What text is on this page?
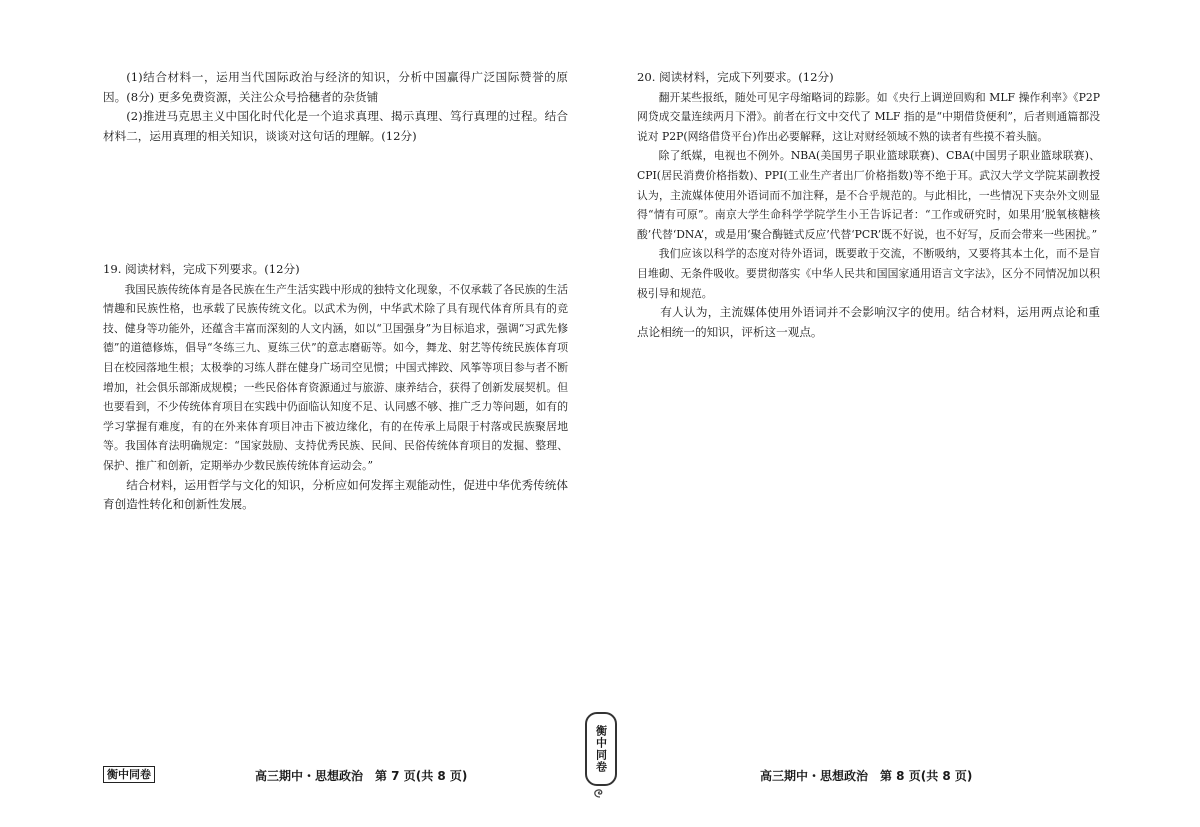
(1)结合材料一，运用当代国际政治与经济的知识，分析中国赢得广泛国际赞誉的原因。(8分) 更多免费资源，关注公众号拾穗者的杂货铺

(2)推进马克思主义中国化时代化是一个追求真理、揭示真理、笃行真理的过程。结合材料二，运用真理的相关知识，谈谈对这句话的理解。(12分)

19. 阅读材料，完成下列要求。(12分)

我国民族传统体育是各民族在生产生活实践中形成的独特文化现象，不仅承载了各民族的生活情趣和民族性格，也承载了民族传统文化。以武术为例，中华武术除了具有现代体育所具有的竞技、健身等功能外，还蕴含丰富而深刻的人文内涵，如以“卫国强身”为目标追求，强调“习武先修德”的道德修炼，倡导“冬练三九、夏练三伏”的意志磨砺等。如今，舞龙、射艺等传统民族体育项目在校园落地生根；太极拳的习练人群在健身广场司空见惯；中国式摔跤、风筝等项目参与者不断增加，社会俱乐部渐成规模；一些民俗体育资源通过与旅游、康养结合，获得了创新发展契机。但也要看到，不少传统体育项目在实践中仍面临认知度不足、认同感不够、推广乏力等问题，如有的学习掌握有难度，有的在外来体育项目冲击下被边缘化，有的在传承上局限于村落或民族聚居地等。我国体育法明确规定：“国家鼓励、支持优秀民族、民间、民俗传统体育项目的发掘、整理、保护、推广和创新，定期举办少数民族传统体育运动会。”

结合材料，运用哲学与文化的知识，分析应如何发挥主观能动性，促进中华优秀传统体育创造性转化和创新性发展。

衡中同卷	高三期中・思想政治　第 7 页(共 8 页)
衡中同卷

20. 阅读材料，完成下列要求。(12分)

翻开某些报纸，随处可见字母缩略词的踪影。如《央行上调逆回购和 MLF 操作利率》《P2P 网贷成交量连续两月下滑》。前者在行文中交代了 MLF 指的是“中期借贷便利”，后者则通篇都没说对 P2P(网络借贷平台)作出必要解释，这让对财经领域不熟的读者有些摸不着头脑。

除了纸媒，电视也不例外。NBA(美国男子职业篮球联赛)、CBA(中国男子职业篮球联赛)、CPI(居民消费价格指数)、PPI(工业生产者出厂价格指数)等不绝于耳。武汉大学文学院某副教授认为，主流媒体使用外语词而不加注释，是不合乎规范的。与此相比，一些情况下夹杂外文则显得“情有可原”。南京大学生命科学学院学生小王告诉记者：“工作或研究时，如果用‘脱氧核糖核酸’代替‘DNA’，或是用‘聚合酶链式反应’代替‘PCR’既不好说，也不好写，反而会带来一些困扰。”

我们应该以科学的态度对待外语词，既要敢于交流，不断吸纳，又要将其本土化，而不是盲目堆砌、无条件吸收。要贯彻落实《中华人民共和国国家通用语言文字法》，区分不同情况加以积极引导和规范。

有人认为，主流媒体使用外语词并不会影响汉字的使用。结合材料，运用两点论和重点论相统一的知识，评析这一观点。

高三期中・思想政治　第 8 页(共 8 页)
